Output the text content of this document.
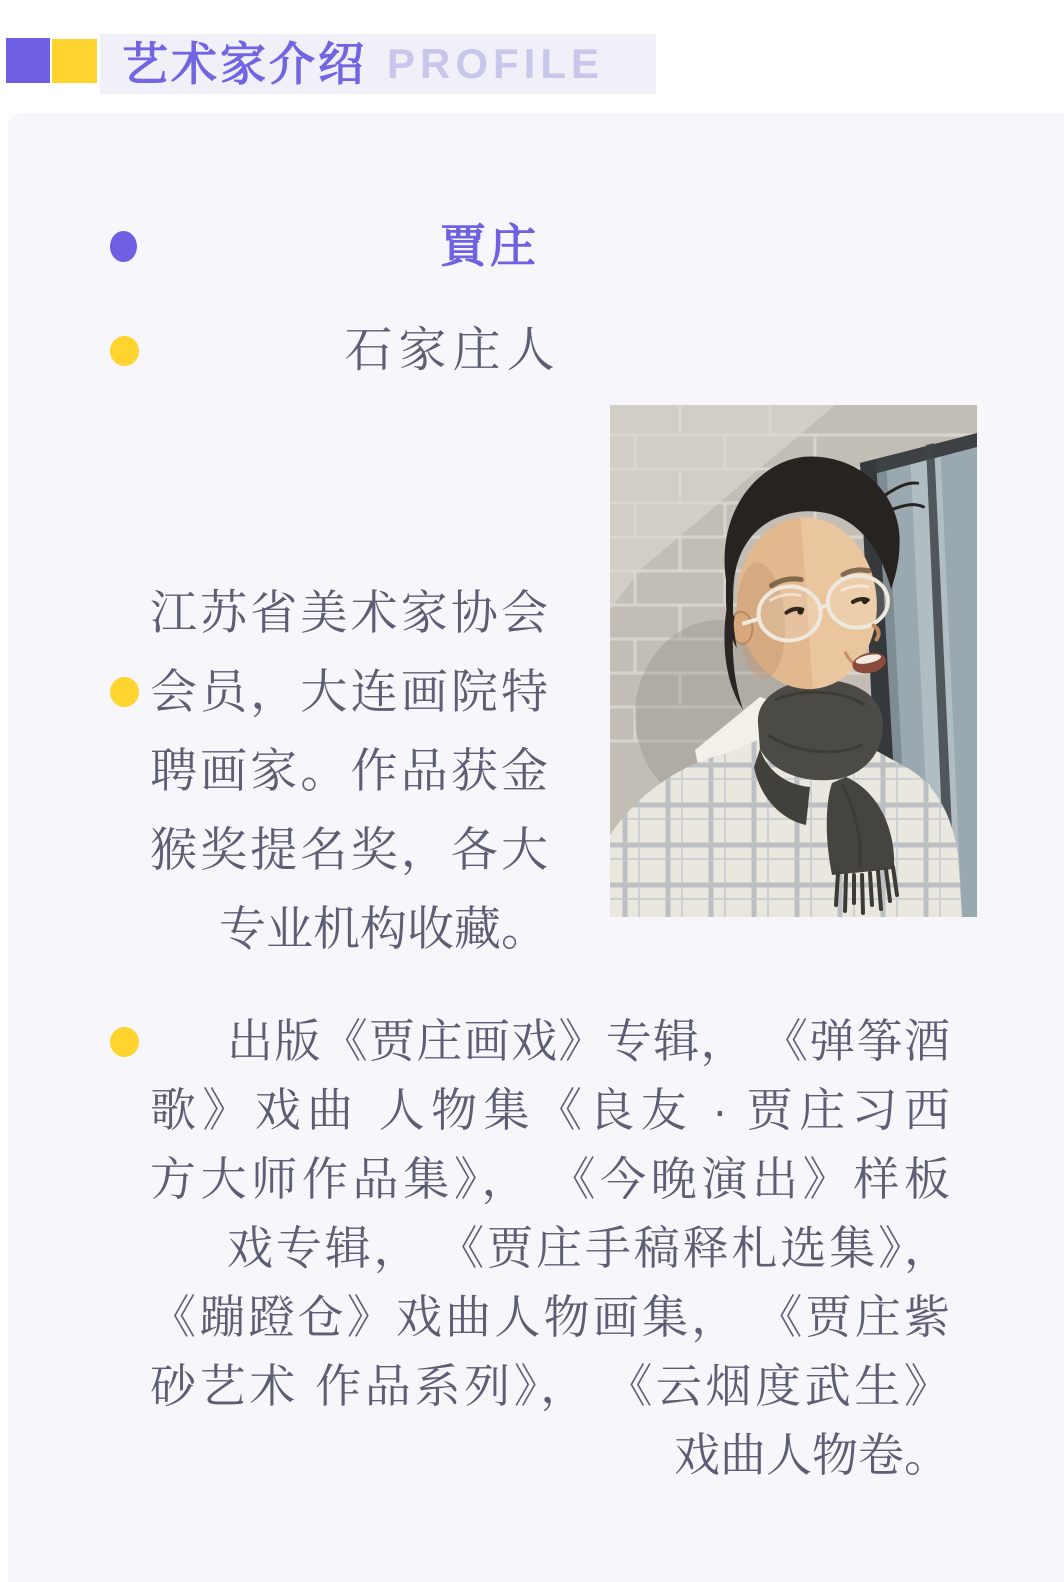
艺术家介绍 PROFILE
賈庄
石家庄人
江苏省美术家协会
会员，大连画院特
聘画家。作品获金
猴奖提名奖，各大
专业机构收藏。
出版《贾庄画戏》专辑， 《弹筝酒
歌》戏曲 人物集《良友 · 贾庄习西
方大师作品集》， 《今晚演出》样板
戏专辑， 《贾庄手稿释札选集》，
《蹦蹬仓》戏曲人物画集， 《贾庄紫
砂艺术 作品系列》， 《云烟度武生》
戏曲人物卷。
